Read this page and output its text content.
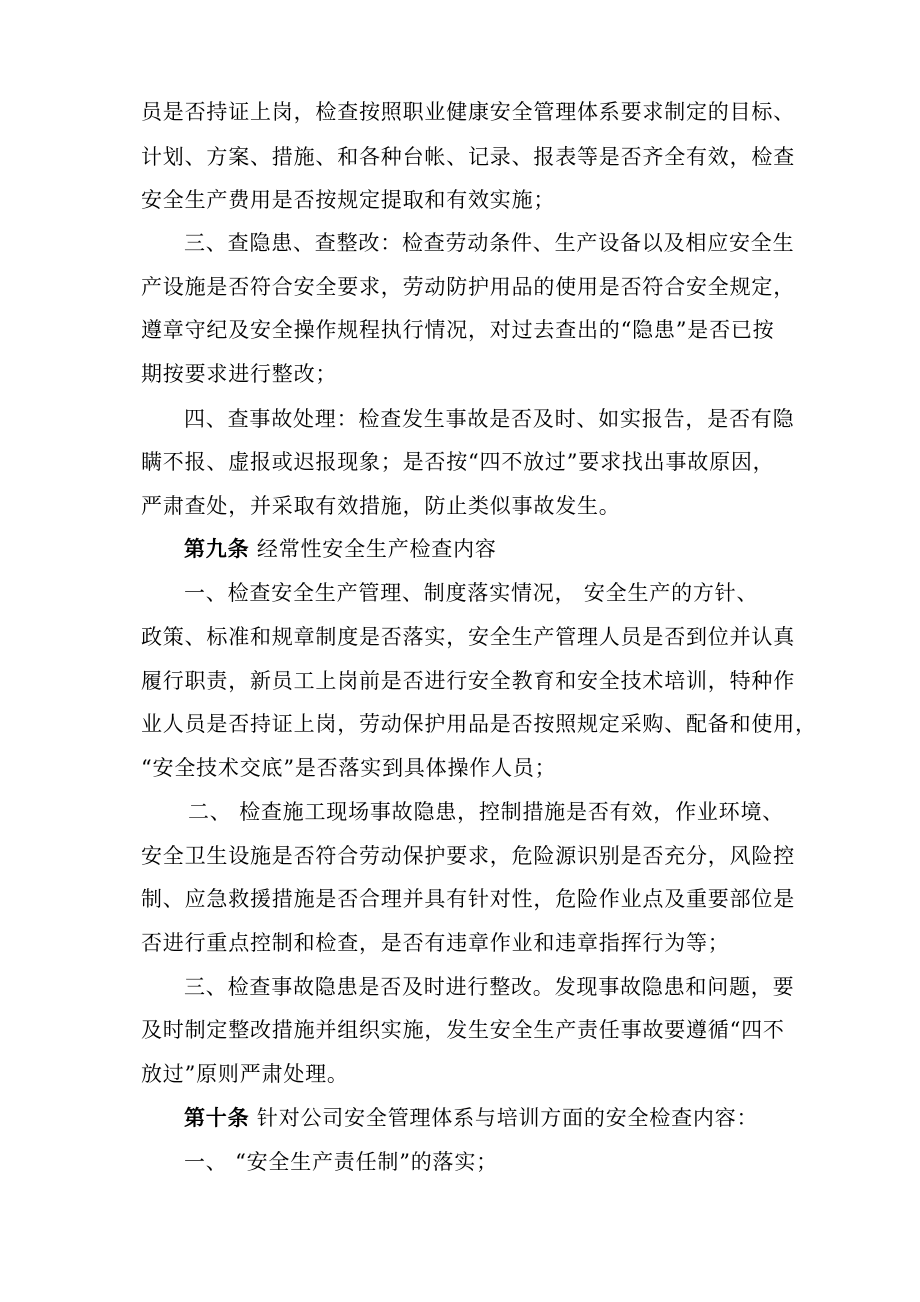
员是否持证上岗，检查按照职业健康安全管理体系要求制定的目标、
计划、方案、措施、和各种台帐、记录、报表等是否齐全有效，检查
安全生产费用是否按规定提取和有效实施；
三、查隐患、查整改：检查劳动条件、生产设备以及相应安全生
产设施是否符合安全要求，劳动防护用品的使用是否符合安全规定，
遵章守纪及安全操作规程执行情况，对过去查出的“隐患”是否已按
期按要求进行整改；
四、查事故处理：检查发生事故是否及时、如实报告，是否有隐
瞒不报、虚报或迟报现象；是否按“四不放过”要求找出事故原因，
严肃查处，并采取有效措施，防止类似事故发生。
第九条 经常性安全生产检查内容
一、检查安全生产管理、制度落实情况， 安全生产的方针、
政策、标准和规章制度是否落实，安全生产管理人员是否到位并认真
履行职责，新员工上岗前是否进行安全教育和安全技术培训，特种作
业人员是否持证上岗，劳动保护用品是否按照规定采购、配备和使用，
“安全技术交底”是否落实到具体操作人员；
二、 检查施工现场事故隐患，控制措施是否有效，作业环境、
安全卫生设施是否符合劳动保护要求，危险源识别是否充分，风险控
制、应急救援措施是否合理并具有针对性，危险作业点及重要部位是
否进行重点控制和检查，是否有违章作业和违章指挥行为等；
三、检查事故隐患是否及时进行整改。发现事故隐患和问题，要
及时制定整改措施并组织实施，发生安全生产责任事故要遵循“四不
放过”原则严肃处理。
第十条 针对公司安全管理体系与培训方面的安全检查内容：
一、 “安全生产责任制”的落实；
